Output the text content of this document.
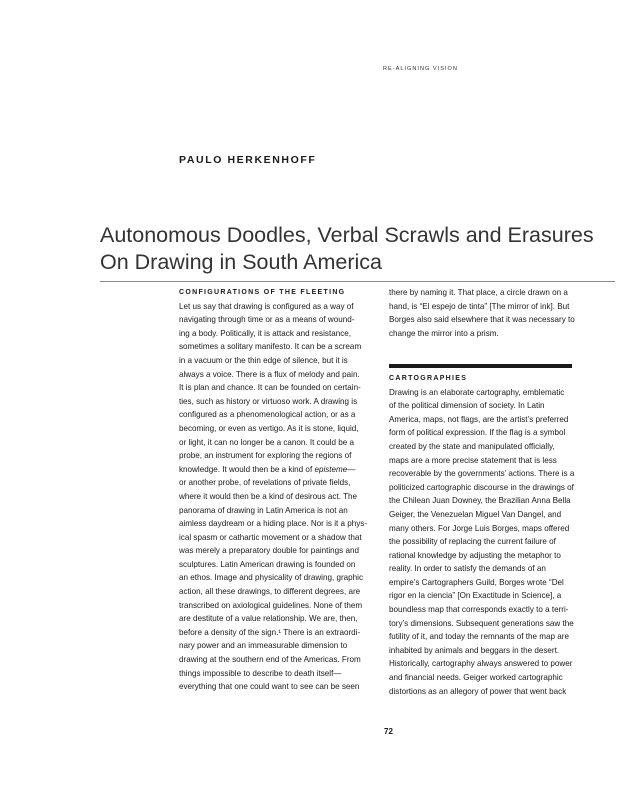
RE-ALIGNING VISION
PAULO HERKENHOFF
Autonomous Doodles, Verbal Scrawls and Erasures
On Drawing in South America
CONFIGURATIONS OF THE FLEETING
Let us say that drawing is configured as a way of
navigating through time or as a means of wound-
ing a body. Politically, it is attack and resistance,
sometimes a solitary manifesto. It can be a scream
in a vacuum or the thin edge of silence, but it is
always a voice. There is a flux of melody and pain.
It is plan and chance. It can be founded on certain-
ties, such as history or virtuoso work. A drawing is
configured as a phenomenological action, or as a
becoming, or even as vertigo. As it is stone, liquid,
or light, it can no longer be a canon. It could be a
probe, an instrument for exploring the regions of
knowledge. It would then be a kind of episteme—
or another probe, of revelations of private fields,
where it would then be a kind of desirous act. The
panorama of drawing in Latin America is not an
aimless daydream or a hiding place. Nor is it a phys-
ical spasm or cathartic movement or a shadow that
was merely a preparatory double for paintings and
sculptures. Latin American drawing is founded on
an ethos. Image and physicality of drawing, graphic
action, all these drawings, to different degrees, are
transcribed on axiological guidelines. None of them
are destitute of a value relationship. We are, then,
before a density of the sign.¹ There is an extraordi-
nary power and an immeasurable dimension to
drawing at the southern end of the Americas. From
things impossible to describe to death itself—
everything that one could want to see can be seen
there by naming it. That place, a circle drawn on a
hand, is “El espejo de tinta” [The mirror of ink]. But
Borges also said elsewhere that it was necessary to
change the mirror into a prism.
CARTOGRAPHIES
Drawing is an elaborate cartography, emblematic
of the political dimension of society. In Latin
America, maps, not flags, are the artist’s preferred
form of political expression. If the flag is a symbol
created by the state and manipulated officially,
maps are a more precise statement that is less
recoverable by the governments’ actions. There is a
politicized cartographic discourse in the drawings of
the Chilean Juan Downey, the Brazilian Anna Bella
Geiger, the Venezuelan Miguel Van Dangel, and
many others. For Jorge Luis Borges, maps offered
the possibility of replacing the current failure of
rational knowledge by adjusting the metaphor to
reality. In order to satisfy the demands of an
empire’s Cartographers Guild, Borges wrote “Del
rigor en la ciencia” [On Exactitude in Science], a
boundless map that corresponds exactly to a terri-
tory’s dimensions. Subsequent generations saw the
futility of it, and today the remnants of the map are
inhabited by animals and beggars in the desert.
Historically, cartography always answered to power
and financial needs. Geiger worked cartographic
distortions as an allegory of power that went back
72
